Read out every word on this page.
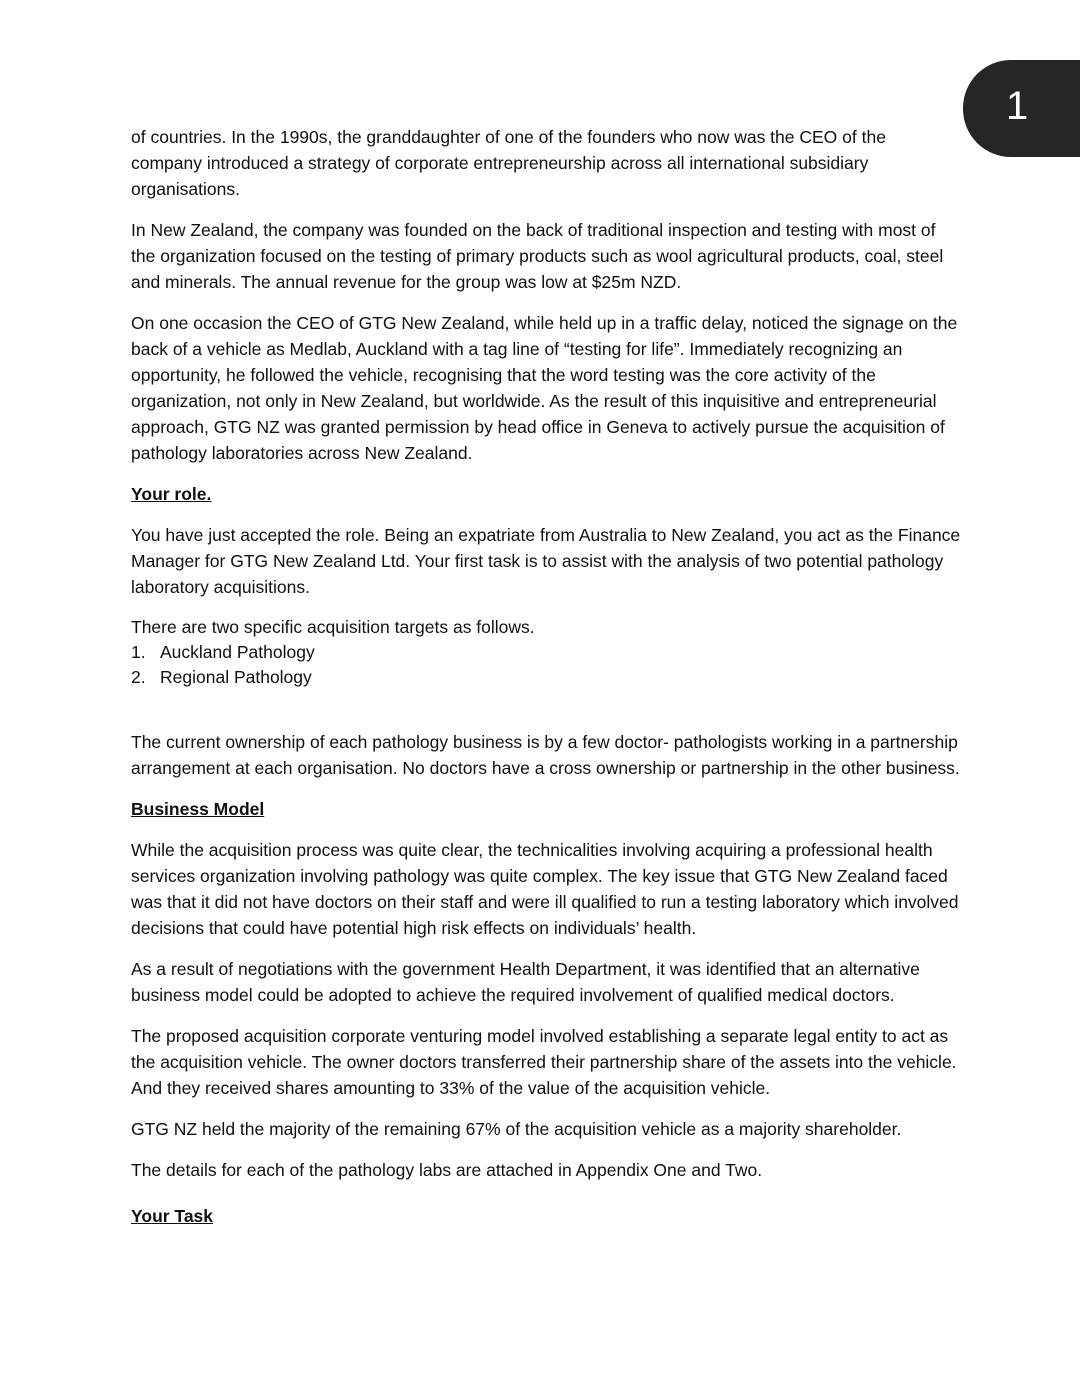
1

of countries. In the 1990s, the granddaughter of one of the founders who now was the CEO of the company introduced a strategy of corporate entrepreneurship across all international subsidiary organisations.

In New Zealand, the company was founded on the back of traditional inspection and testing with most of the organization focused on the testing of primary products such as wool agricultural products, coal, steel and minerals. The annual revenue for the group was low at $25m NZD.

On one occasion the CEO of GTG New Zealand, while held up in a traffic delay, noticed the signage on the back of a vehicle as Medlab, Auckland with a tag line of “testing for life”. Immediately recognizing an opportunity, he followed the vehicle, recognising that the word testing was the core activity of the organization, not only in New Zealand, but worldwide. As the result of this inquisitive and entrepreneurial approach, GTG NZ was granted permission by head office in Geneva to actively pursue the acquisition of pathology laboratories across New Zealand.

Your role.

You have just accepted the role. Being an expatriate from Australia to New Zealand, you act as the Finance Manager for GTG New Zealand Ltd. Your first task is to assist with the analysis of two potential pathology laboratory acquisitions.

There are two specific acquisition targets as follows.

1. Auckland Pathology
2. Regional Pathology

The current ownership of each pathology business is by a few doctor- pathologists working in a partnership arrangement at each organisation. No doctors have a cross ownership or partnership in the other business.

Business Model

While the acquisition process was quite clear, the technicalities involving acquiring a professional health services organization involving pathology was quite complex. The key issue that GTG New Zealand faced was that it did not have doctors on their staff and were ill qualified to run a testing laboratory which involved decisions that could have potential high risk effects on individuals’ health.

As a result of negotiations with the government Health Department, it was identified that an alternative business model could be adopted to achieve the required involvement of qualified medical doctors.

The proposed acquisition corporate venturing model involved establishing a separate legal entity to act as the acquisition vehicle. The owner doctors transferred their partnership share of the assets into the vehicle. And they received shares amounting to 33% of the value of the acquisition vehicle.

GTG NZ held the majority of the remaining 67% of the acquisition vehicle as a majority shareholder.

The details for each of the pathology labs are attached in Appendix One and Two.

Your Task
